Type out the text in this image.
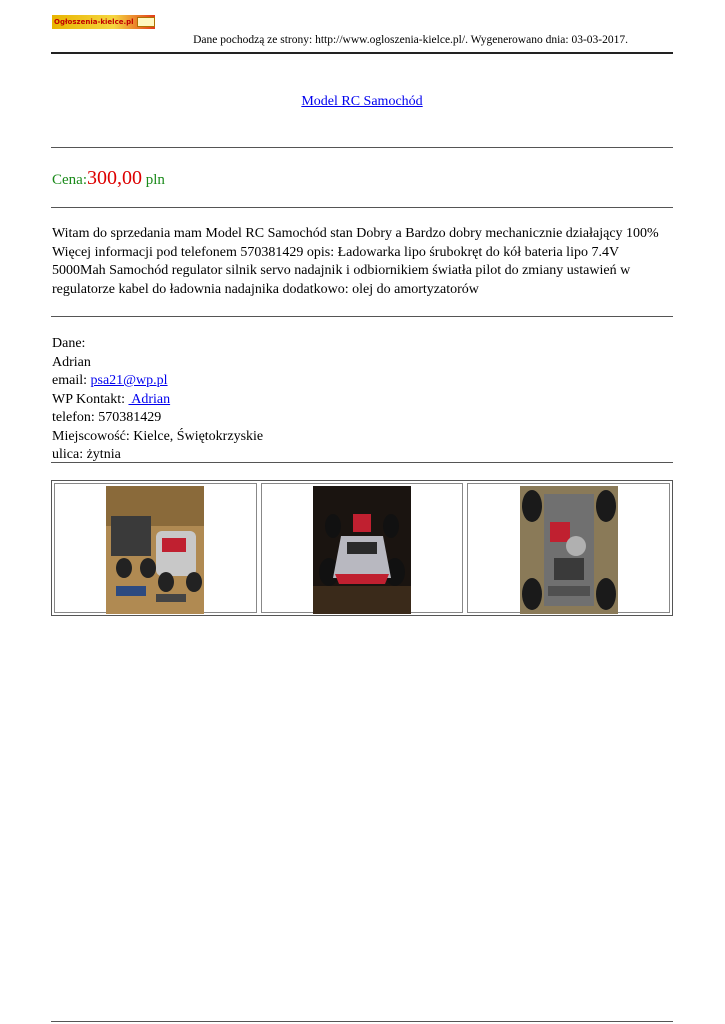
Ogłoszenia-kielce.pl
Dane pochodzą ze strony: http://www.ogloszenia-kielce.pl/. Wygenerowano dnia: 03-03-2017.
Model RC Samochód
Cena:300,00 pln
Witam do sprzedania mam Model RC Samochód stan Dobry a Bardzo dobry mechanicznie działający 100% Więcej informacji pod telefonem 570381429 opis: Ładowarka lipo śrubokręt do kół bateria lipo 7.4V 5000Mah Samochód regulator silnik servo nadajnik i odbiornikiem światła pilot do zmiany ustawień w regulatorze kabel do ładownia nadajnika dodatkowo: olej do amortyzatorów
Dane:
Adrian
email: psa21@wp.pl
WP Kontakt:  Adrian
telefon: 570381429
Miejscowość: Kielce, Świętokrzyskie
ulica: żytnia
